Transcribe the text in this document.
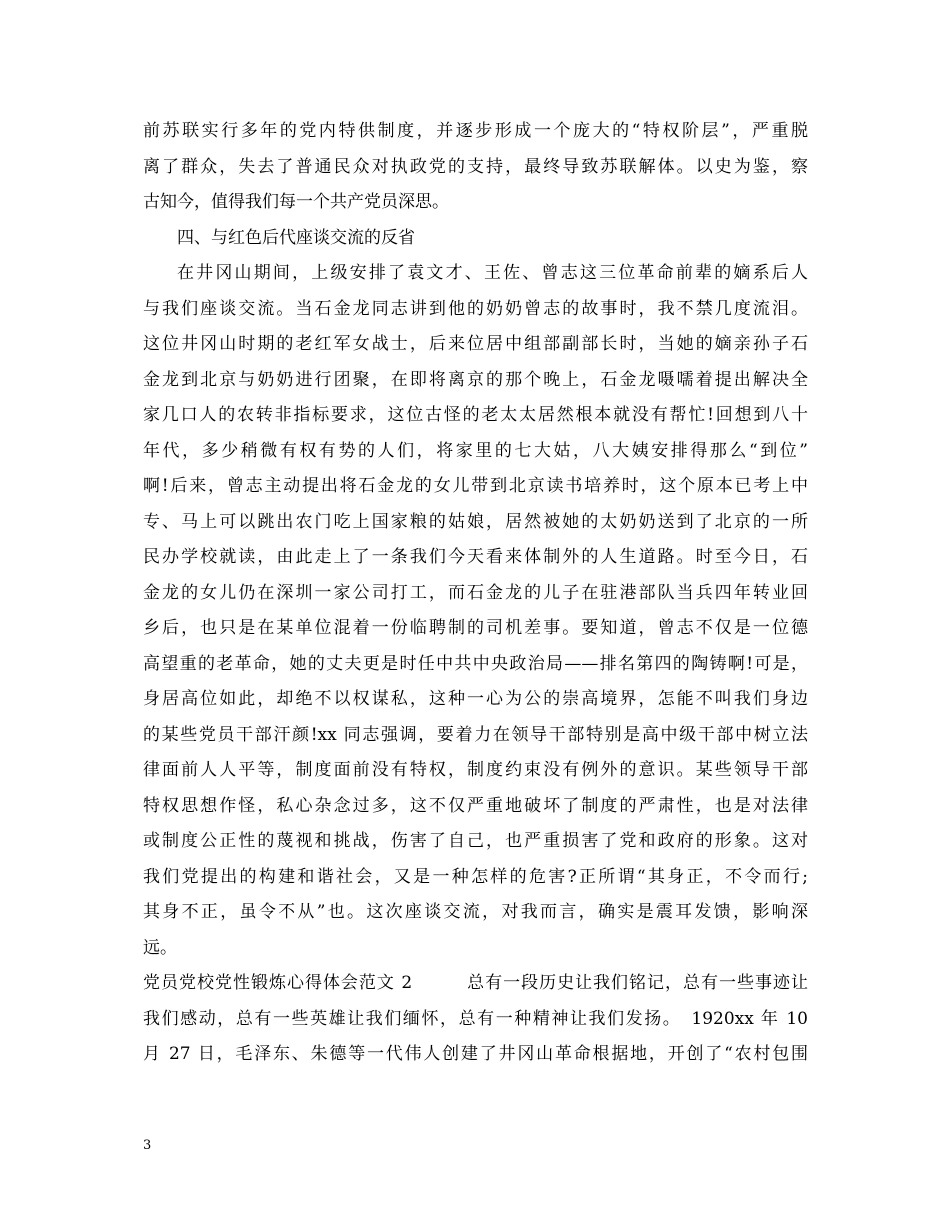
前苏联实行多年的党内特供制度，并逐步形成一个庞大的“特权阶层”，严重脱
离了群众，失去了普通民众对执政党的支持，最终导致苏联解体。以史为鉴，察
古知今，值得我们每一个共产党员深思。
四、与红色后代座谈交流的反省
在井冈山期间，上级安排了袁文才、王佐、曾志这三位革命前辈的嫡系后人
与我们座谈交流。当石金龙同志讲到他的奶奶曾志的故事时，我不禁几度流泪。
这位井冈山时期的老红军女战士，后来位居中组部副部长时，当她的嫡亲孙子石
金龙到北京与奶奶进行团聚，在即将离京的那个晚上，石金龙嗫嚅着提出解决全
家几口人的农转非指标要求，这位古怪的老太太居然根本就没有帮忙!回想到八十
年代，多少稍微有权有势的人们，将家里的七大姑，八大姨安排得那么“到位”
啊!后来，曾志主动提出将石金龙的女儿带到北京读书培养时，这个原本已考上中
专、马上可以跳出农门吃上国家粮的姑娘，居然被她的太奶奶送到了北京的一所
民办学校就读，由此走上了一条我们今天看来体制外的人生道路。时至今日，石
金龙的女儿仍在深圳一家公司打工，而石金龙的儿子在驻港部队当兵四年转业回
乡后，也只是在某单位混着一份临聘制的司机差事。要知道，曾志不仅是一位德
高望重的老革命，她的丈夫更是时任中共中央政治局——排名第四的陶铸啊!可是，
身居高位如此，却绝不以权谋私，这种一心为公的崇高境界，怎能不叫我们身边
的某些党员干部汗颜!xx 同志强调，要着力在领导干部特别是高中级干部中树立法
律面前人人平等，制度面前没有特权，制度约束没有例外的意识。某些领导干部
特权思想作怪，私心杂念过多，这不仅严重地破坏了制度的严肃性，也是对法律
或制度公正性的蔑视和挑战，伤害了自己，也严重损害了党和政府的形象。这对
我们党提出的构建和谐社会，又是一种怎样的危害?正所谓“其身正，不令而行;
其身不正，虽令不从”也。这次座谈交流，对我而言，确实是震耳发馈，影响深
远。
党员党校党性锻炼心得体会范文 2　　　总有一段历史让我们铭记，总有一些事迹让
我们感动，总有一些英雄让我们缅怀，总有一种精神让我们发扬。　1920xx 年 10
月 27 日，毛泽东、朱德等一代伟人创建了井冈山革命根据地，开创了“农村包围
3
